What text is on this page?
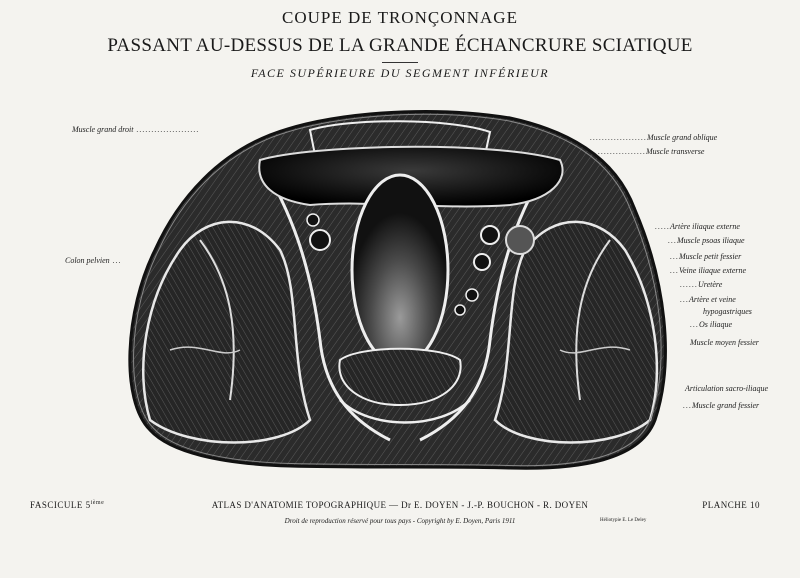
COUPE DE TRONÇONNAGE
PASSANT AU-DESSUS DE LA GRANDE ÉCHANCRURE SCIATIQUE
FACE SUPÉRIEURE DU SEGMENT INFÉRIEUR
Muscle grand droit .....................
Colon pelvien ...
...................Muscle grand oblique
................Muscle transverse
.....Artère iliaque externe
...Muscle psoas iliaque
...Muscle petit fessier
...Veine iliaque externe
......Uretère
...Artère et veine
hypogastriques
...Os iliaque
Muscle moyen fessier
Articulation sacro-iliaque
...Muscle grand fessier
FASCICULE 5ième	ATLAS D'ANATOMIE TOPOGRAPHIQUE — Dr E. DOYEN - J.-P. BOUCHON - R. DOYEN	PLANCHE 10
Droit de reproduction réservé pour tous pays - Copyright by E. Doyen, Paris 1911	Héliotypie E. Le Deley
